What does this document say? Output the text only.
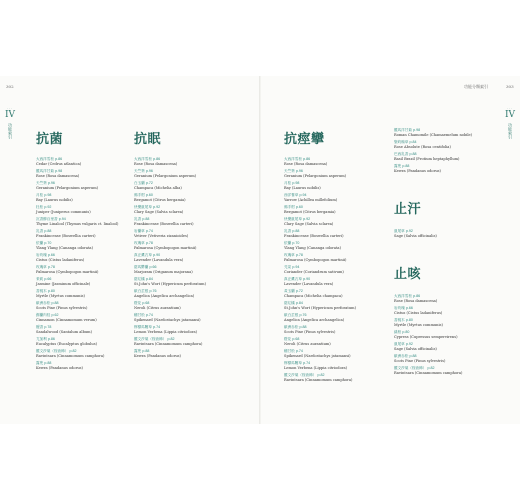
302	功能分類索引	303
···
IV
功能索引
···
IV
功能索引
抗菌
大西洋雪松 p.86
Cedar (Cedrus atlantica)
羅馬洋甘菊 p.98
Rose (Rosa damascena)
天竺葵 p.96
Geranium (Pelargonium asperum)
月桂 p.98
Bay (Laurus nobilis)
杜松 p.92
Juniper (Juniperus communis)
沉香醇百里香 p.94
Thyme Linalool (Thymus vulgaris ct. linalool)
乳香 p.88
Frankincense (Boswellia carteri)
依蘭 p.70
Ylang Ylang (Cananga odorata)
岩玫瑰 p.66
Cistus (Cistus ladaniferus)
玫瑰草 p.78
Palmarosa (Cymbopogon martinii)
茉莉 p.66
Jasmine (Jasminum officinale)
香桃木 p.80
Myrtle (Myrtus communis)
歐洲赤松 p.88
Scots Pine (Pinus sylvestris)
錫蘭肉桂 p.62
Cinnamon (Cinnamomum verum)
檀香 p.78
Sandalwood (Santalum album)
尤加利 p.86
Eucalyptus (Eucalyptus globulus)
羅文莎葉（桉油樟） p.82
Ravintsara (Cinnamomum camphora)
露兜 p.88
Kewra (Pandanus odorus)
抗眠
大西洋雪松 p.86
Rose (Rosa damascena)
天竺葵 p.96
Geranium (Pelargonium asperum)
白玉蘭 p.72
Champaca (Michelia alba)
佛手柑 p.60
Bergamot (Citrus bergamia)
快樂鼠尾草 p.92
Clary Sage (Salvia sclarea)
乳香 p.88
Frankincense (Boswellia carteri)
岩蘭草 p.74
Vetiver (Vetiveria zizanioides)
玫瑰草 p.78
Palmarosa (Cymbopogon martinii)
真正薰衣草 p.90
Lavender (Lavandula vera)
甜馬鬱蘭 p.66
Marjoram (Origanum majorana)
甜紅橘 p.84
St.John's Wort (Hypericum perforatum)
歐白芷根 p.76
Angelica (Angelica archangelica)
橙花 p.68
Neroli (Citrus aurantium)
穗甘松 p.74
Spikenard (Nardostachys jatamansi)
檸檬馬鞭草 p.74
Lemon Verbena (Lippia citriodora)
羅文莎葉（桉油樟） p.82
Ravintsara (Cinnamomum camphora)
露兜 p.88
Kewra (Pandanus odorus)
抗痙攣
大西洋雪松 p.86
Rose (Rosa damascena)
天竺葵 p.96
Geranium (Pelargonium asperum)
月桂 p.98
Bay (Laurus nobilis)
西洋蓍草 p.94
Yarrow (Achillea millefolium)
佛手柑 p.60
Bergamot (Citrus bergamia)
快樂鼠尾草 p.92
Clary Sage (Salvia sclarea)
乳香 p.88
Frankincense (Boswellia carteri)
依蘭 p.70
Ylang Ylang (Cananga odorata)
玫瑰草 p.78
Palmarosa (Cymbopogon martinii)
芫荽 p.94
Coriander (Coriandrum sativum)
真正薰衣草 p.90
Lavender (Lavandula vera)
黃玉蘭 p.72
Champaca (Michelia champaca)
甜紅橘 p.84
St.John's Wort (Hypericum perforatum)
歐白芷根 p.76
Angelica (Angelica archangelica)
歐洲赤松 p.88
Scots Pine (Pinus sylvestris)
橙花 p.68
Neroli (Citrus aurantium)
穗甘松 p.74
Spikenard (Nardostachys jatamansi)
檸檬馬鞭草 p.74
Lemon Verbena (Lippia citriodora)
羅文莎葉（桉油樟） p.82
Ravintsara (Cinnamomum camphora)
羅馬洋甘菊 p.98
Roman Chamomile (Chamaemelum nobile)
聖約翰草 p.84
Rose Absolute (Rosa centifolia)
巴西乳香 p.88
Basil Brazil (Protium heptaphyllum)
露兜 p.88
Kewra (Pandanus odorus)
止汗
鼠尾草 p.92
Sage (Salvia officinalis)
止咳
大西洋雪松 p.86
Rose (Rosa damascena)
岩玫瑰 p.66
Cistus (Cistus ladaniferus)
香桃木 p.80
Myrtle (Myrtus communis)
絲柏 p.80
Cypress (Cupressus sempervirens)
鼠尾草 p.92
Sage (Salvia officinalis)
歐洲赤松 p.88
Scots Pine (Pinus sylvestris)
羅文莎葉（桉油樟） p.82
Ravintsara (Cinnamomum camphora)
